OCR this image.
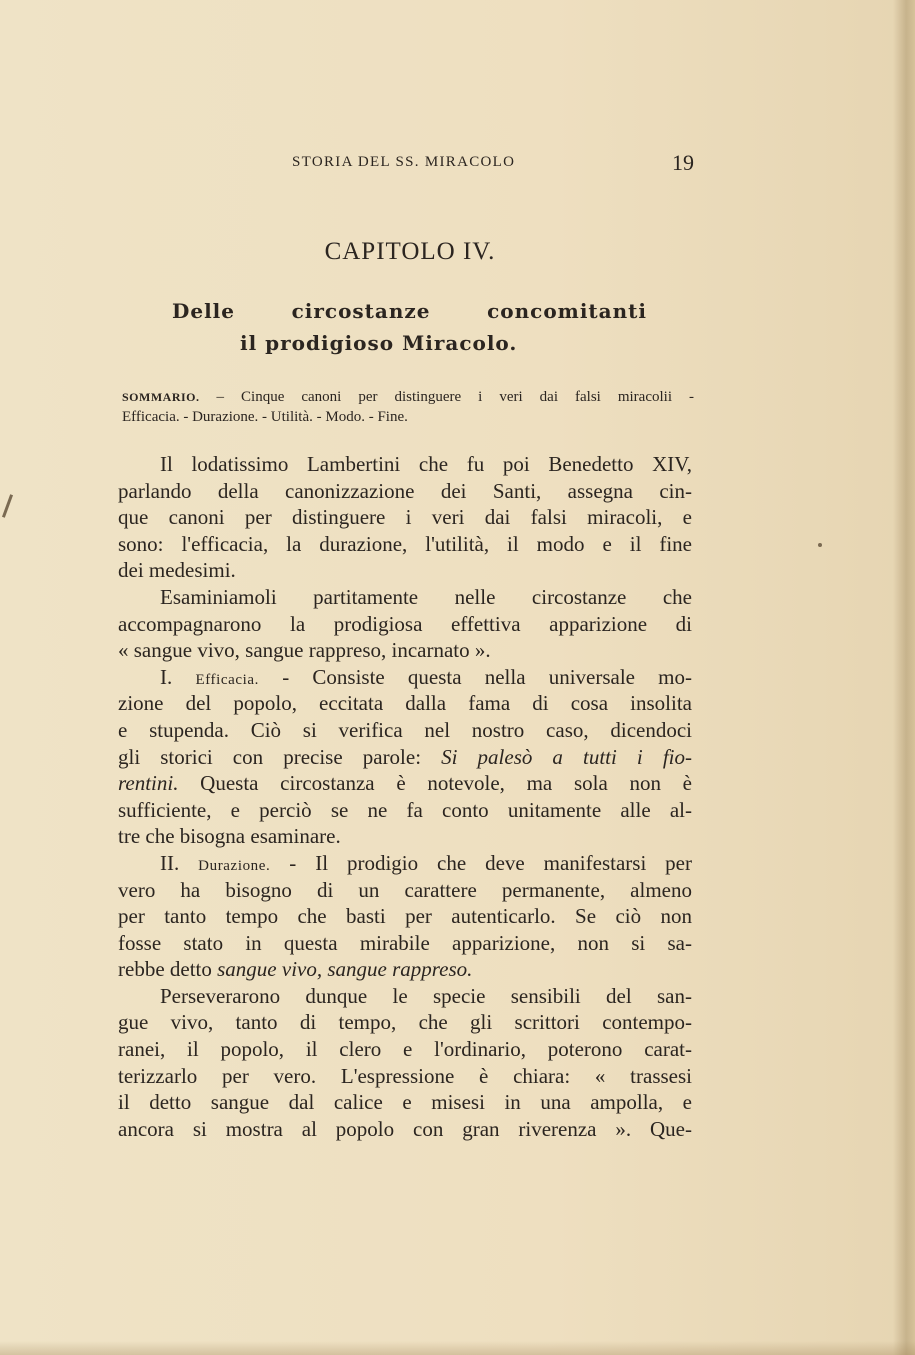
STORIA DEL SS. MIRACOLO	19
CAPITOLO IV.
Delle circostanze concomitanti
il prodigioso Miracolo.
SOMMARIO. – Cinque canoni per distinguere i veri dai falsi miracolii -
Efficacia. - Durazione. - Utilità. - Modo. - Fine.
Il lodatissimo Lambertini che fu poi Benedetto XIV,
parlando della canonizzazione dei Santi, assegna cin-
que canoni per distinguere i veri dai falsi miracoli, e
sono: l'efficacia, la durazione, l'utilità, il modo e il fine
dei medesimi.
Esaminiamoli partitamente nelle circostanze che
accompagnarono la prodigiosa effettiva apparizione di
« sangue vivo, sangue rappreso, incarnato ».
I. Efficacia. - Consiste questa nella universale mo-
zione del popolo, eccitata dalla fama di cosa insolita
e stupenda. Ciò si verifica nel nostro caso, dicendoci
gli storici con precise parole: Si palesò a tutti i fio-
rentini. Questa circostanza è notevole, ma sola non è
sufficiente, e perciò se ne fa conto unitamente alle al-
tre che bisogna esaminare.
II. Durazione. - Il prodigio che deve manifestarsi per
vero ha bisogno di un carattere permanente, almeno
per tanto tempo che basti per autenticarlo. Se ciò non
fosse stato in questa mirabile apparizione, non si sa-
rebbe detto sangue vivo, sangue rappreso.
Perseverarono dunque le specie sensibili del san-
gue vivo, tanto di tempo, che gli scrittori contempo-
ranei, il popolo, il clero e l'ordinario, poterono carat-
terizzarlo per vero. L'espressione è chiara: « trassesi
il detto sangue dal calice e misesi in una ampolla, e
ancora si mostra al popolo con gran riverenza ». Que-
